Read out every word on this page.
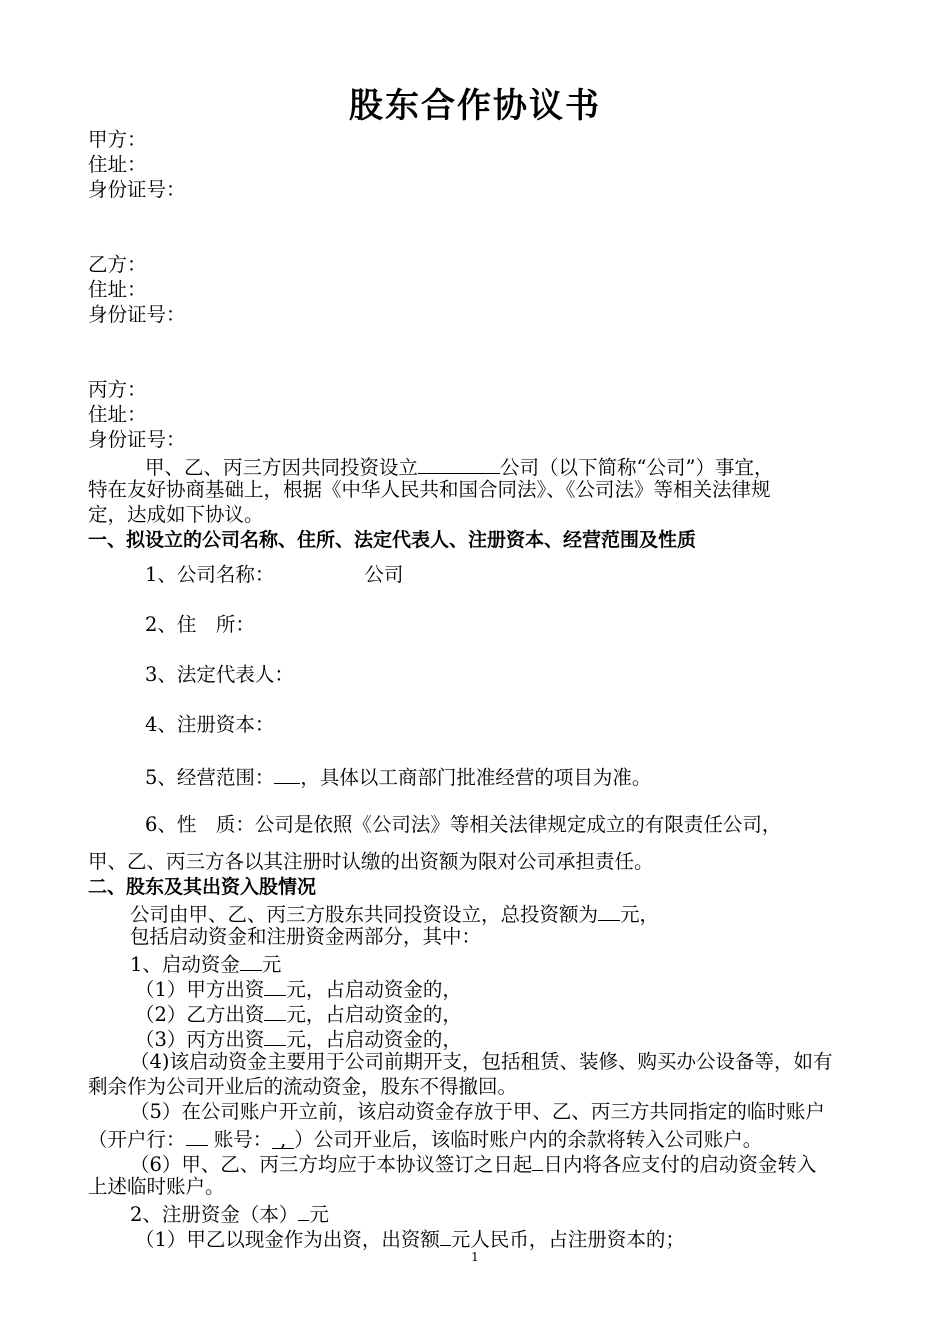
股东合作协议书
甲方：
住址：
身份证号：
乙方：
住址：
身份证号：
丙方：
住址：
身份证号：
甲、乙、丙三方因共同投资设立	公司（以下简称“公司”）事宜，
特在友好协商基础上，根据《中华人民共和国合同法》、《公司法》等相关法律规
定，达成如下协议。
一、拟设立的公司名称、住所、法定代表人、注册资本、经营范围及性质
1、公司名称：	公司
2、住　所：
3、法定代表人：
4、注册资本：
5、经营范围： ，具体以工商部门批准经营的项目为准。
6、性　质：公司是依照《公司法》等相关法律规定成立的有限责任公司，
甲、乙、丙三方各以其注册时认缴的出资额为限对公司承担责任。
二、股东及其出资入股情况
公司由甲、乙、丙三方股东共同投资设立，总投资额为 元，
包括启动资金和注册资金两部分，其中：
1、启动资金 元
（1）甲方出资 元，占启动资金的，
（2）乙方出资 元，占启动资金的，
（3）丙方出资 元，占启动资金的，
（4)该启动资金主要用于公司前期开支，包括租赁、装修、购买办公设备等，如有
剩余作为公司开业后的流动资金，股东不得撤回。
（5）在公司账户开立前，该启动资金存放于甲、乙、丙三方共同指定的临时账户
（开户行： 账号： , ）公司开业后，该临时账户内的余款将转入公司账户。
（6）甲、乙、丙三方均应于本协议签订之日起 日内将各应支付的启动资金转入
上述临时账户。
2、注册资金（本） 元
（1）甲乙以现金作为出资，出资额 元人民币，占注册资本的；
1
